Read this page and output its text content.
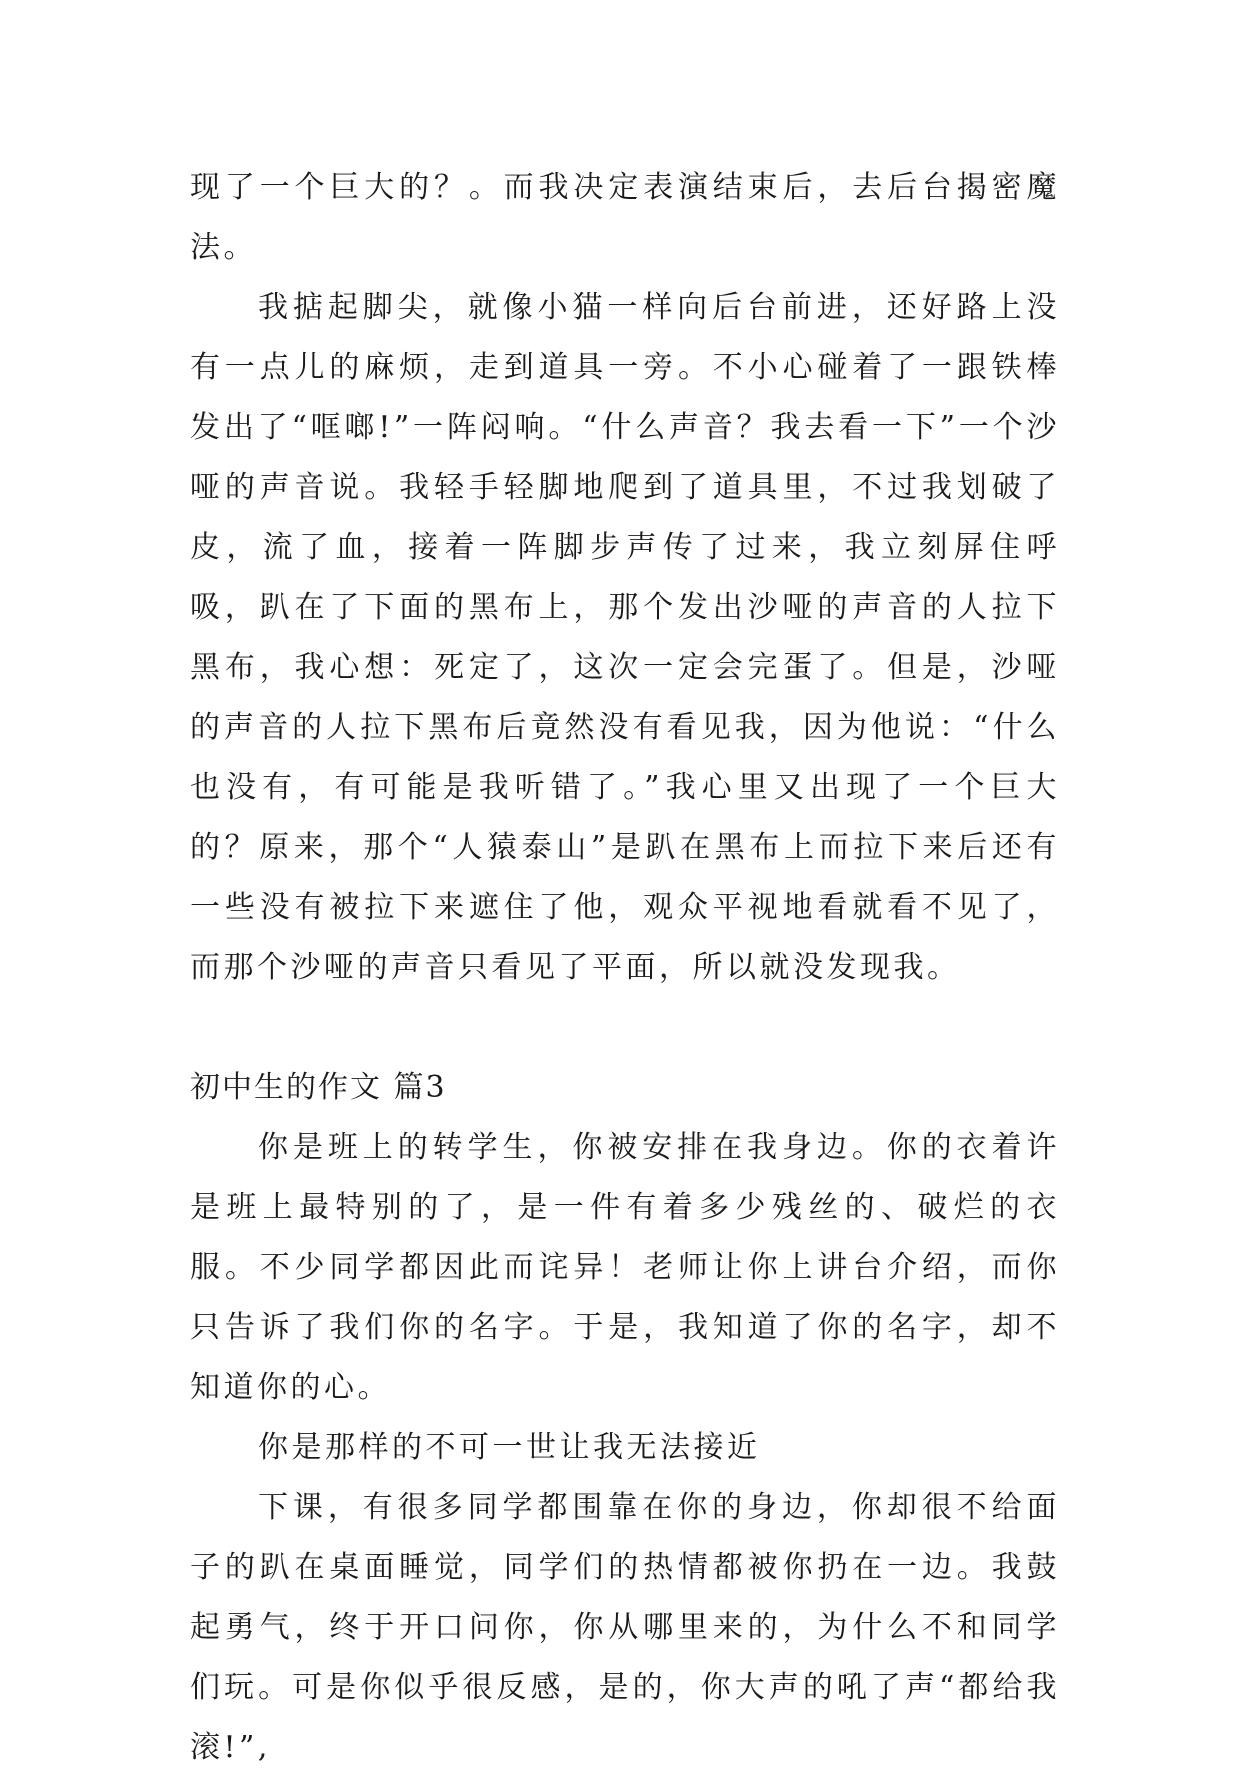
现了一个巨大的？。而我决定表演结束后，去后台揭密魔法。

我掂起脚尖，就像小猫一样向后台前进，还好路上没有一点儿的麻烦，走到道具一旁。不小心碰着了一跟铁棒发出了“哐啷!”一阵闷响。“什么声音？我去看一下”一个沙哑的声音说。我轻手轻脚地爬到了道具里，不过我划破了皮，流了血，接着一阵脚步声传了过来，我立刻屏住呼吸，趴在了下面的黑布上，那个发出沙哑的声音的人拉下黑布，我心想：死定了，这次一定会完蛋了。但是，沙哑的声音的人拉下黑布后竟然没有看见我，因为他说：“什么也没有，有可能是我听错了。”我心里又出现了一个巨大的？原来，那个“人猿泰山”是趴在黑布上而拉下来后还有一些没有被拉下来遮住了他，观众平视地看就看不见了，而那个沙哑的声音只看见了平面，所以就没发现我。

初中生的作文 篇3

你是班上的转学生，你被安排在我身边。你的衣着许是班上最特别的了，是一件有着多少残丝的、破烂的衣服。不少同学都因此而诧异！老师让你上讲台介绍，而你只告诉了我们你的名字。于是，我知道了你的名字，却不知道你的心。

你是那样的不可一世让我无法接近

下课，有很多同学都围靠在你的身边，你却很不给面子的趴在桌面睡觉，同学们的热情都被你扔在一边。我鼓起勇气，终于开口问你，你从哪里来的，为什么不和同学们玩。可是你似乎很反感，是的，你大声的吼了声“都给我滚!”,
